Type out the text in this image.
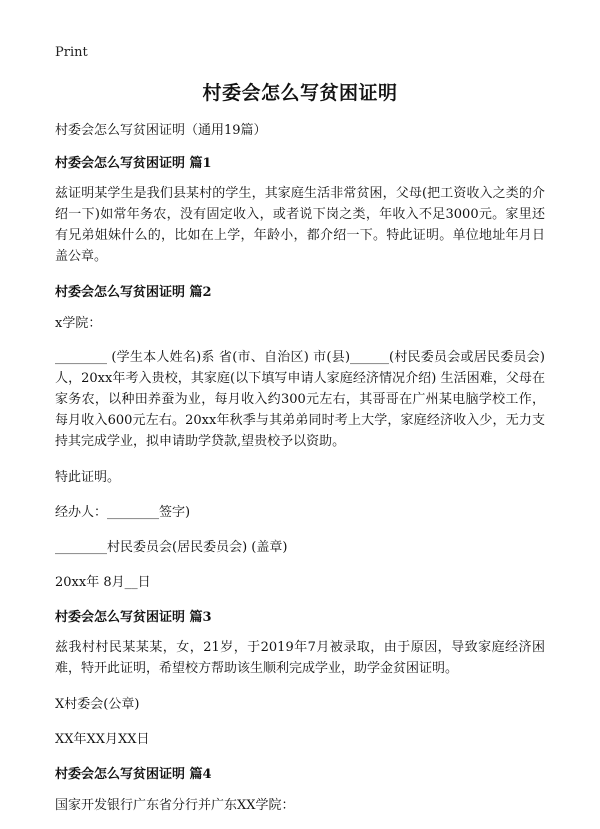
Print
村委会怎么写贫困证明
村委会怎么写贫困证明（通用19篇）
村委会怎么写贫困证明 篇1
兹证明某学生是我们县某村的学生，其家庭生活非常贫困，父母(把工资收入之类的介绍一下)如常年务农，没有固定收入，或者说下岗之类，年收入不足3000元。家里还有兄弟姐妹什么的，比如在上学，年龄小，都介绍一下。特此证明。单位地址年月日盖公章。
村委会怎么写贫困证明 篇2
x学院：
________ (学生本人姓名)系 省(市、自治区) 市(县)______(村民委员会或居民委员会)人，20xx年考入贵校，其家庭(以下填写申请人家庭经济情况介绍) 生活困难，父母在家务农，以种田养蚕为业，每月收入约300元左右，其哥哥在广州某电脑学校工作，每月收入600元左右。20xx年秋季与其弟弟同时考上大学，家庭经济收入少，无力支持其完成学业，拟申请助学贷款,望贵校予以资助。
特此证明。
经办人：________签字)
________村民委员会(居民委员会) (盖章)
20xx年 8月__日
村委会怎么写贫困证明 篇3
兹我村村民某某某，女，21岁，于2019年7月被录取，由于原因，导致家庭经济困难，特开此证明，希望校方帮助该生顺利完成学业，助学金贫困证明。
X村委会(公章)
XX年XX月XX日
村委会怎么写贫困证明 篇4
国家开发银行广东省分行并广东XX学院：
